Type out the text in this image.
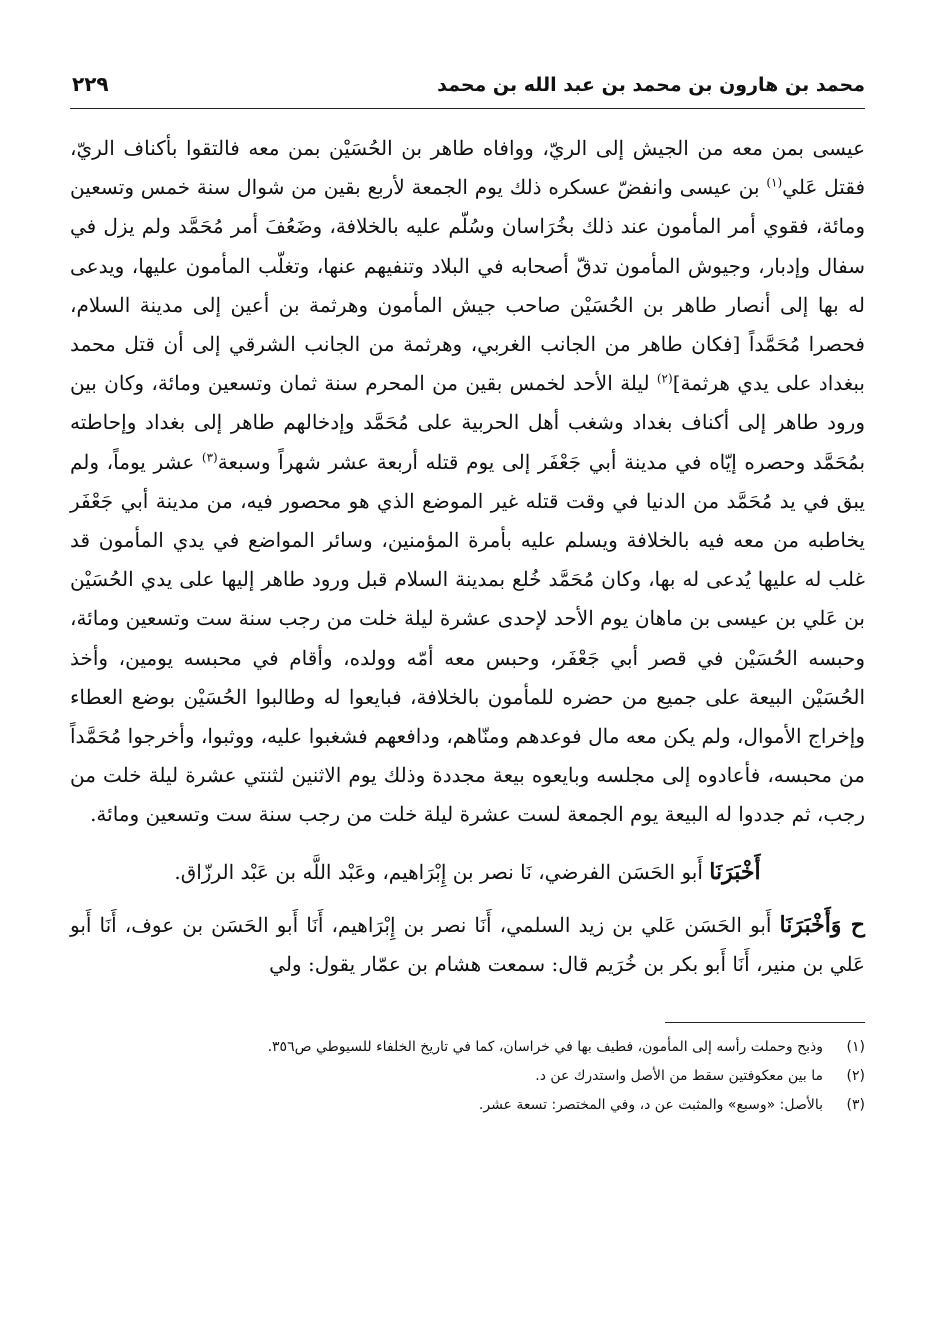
محمد بن هارون بن محمد بن عبد الله بن محمد
٢٢٩

عيسى بمن معه من الجيش إلى الريّ، ووافاه طاهر بن الحُسَيْن بمن معه فالتقوا بأكناف الريّ، فقتل عَلي$^{(١)}$ بن عيسى وانفضّ عسكره ذلك يوم الجمعة لأربع بقين من شوال سنة خمس وتسعين ومائة، فقوي أمر المأمون عند ذلك بخُرَاسان وسُلّم عليه بالخلافة، وضَعُفَ أمر مُحَمَّد ولم يزل في سفال وإدبار، وجيوش المأمون تدقّ أصحابه في البلاد وتنفيهم عنها، وتغلّب المأمون عليها، ويدعى له بها إلى أنصار طاهر بن الحُسَيْن صاحب جيش المأمون وهرثمة بن أعين إلى مدينة السلام، فحصرا مُحَمَّداً [فكان طاهر من الجانب الغربي، وهرثمة من الجانب الشرقي إلى أن قتل محمد ببغداد على يدي هرثمة]$^{(٢)}$ ليلة الأحد لخمس بقين من المحرم سنة ثمان وتسعين ومائة، وكان بين ورود طاهر إلى أكناف بغداد وشغب أهل الحربية على مُحَمَّد وإدخالهم طاهر إلى بغداد وإحاطته بمُحَمَّد وحصره إيّاه في مدينة أبي جَعْفَر إلى يوم قتله أربعة عشر شهراً وسبعة$^{(٣)}$ عشر يوماً، ولم يبق في يد مُحَمَّد من الدنيا في وقت قتله غير الموضع الذي هو محصور فيه، من مدينة أبي جَعْفَر يخاطبه من معه فيه بالخلافة ويسلم عليه بأمرة المؤمنين، وسائر المواضع في يدي المأمون قد غلب له عليها يُدعى له بها، وكان مُحَمَّد خُلع بمدينة السلام قبل ورود طاهر إليها على يدي الحُسَيْن بن عَلي بن عيسى بن ماهان يوم الأحد لإحدى عشرة ليلة خلت من رجب سنة ست وتسعين ومائة، وحبسه الحُسَيْن في قصر أبي جَعْفَر، وحبس معه أمّه وولده، وأقام في محبسه يومين، وأخذ الحُسَيْن البيعة على جميع من حضره للمأمون بالخلافة، فبايعوا له وطالبوا الحُسَيْن بوضع العطاء وإخراج الأموال، ولم يكن معه مال فوعدهم ومنّاهم، ودافعهم فشغبوا عليه، ووثبوا، وأخرجوا مُحَمَّداً من محبسه، فأعادوه إلى مجلسه وبايعوه بيعة مجددة وذلك يوم الاثنين لثنتي عشرة ليلة خلت من رجب، ثم جددوا له البيعة يوم الجمعة لست عشرة ليلة خلت من رجب سنة ست وتسعين ومائة.

أَخْبَرَنَا أَبو الحَسَن الفرضي، نَا نصر بن إِبْرَاهيم، وعَبْد اللَّه بن عَبْد الرزّاق.

ح وَأَخْبَرَنَا أَبو الحَسَن عَلي بن زيد السلمي، أَنَا نصر بن إِبْرَاهيم، أَنَا أَبو الحَسَن بن عوف، أَنَا أَبو عَلي بن منير، أَنَا أَبو بكر بن خُرَيم قال: سمعت هشام بن عمّار يقول: ولي

(١)
وذبح وحملت رأسه إلى المأمون، فطيف بها في خراسان، كما في تاريخ الخلفاء للسيوطي ص٣٥٦.
(٢)
ما بين معكوفتين سقط من الأصل واستدرك عن د.
(٣)
بالأصل: «وسبع» والمثبت عن د، وفي المختصر: تسعة عشر.
